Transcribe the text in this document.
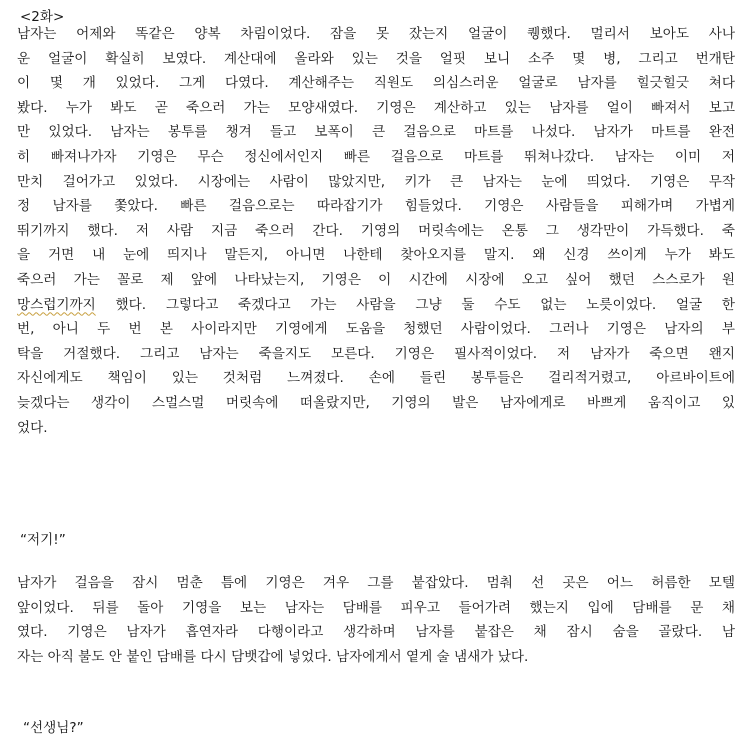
<2화>
남자는 어제와 똑같은 양복 차림이었다. 잠을 못 잤는지 얼굴이 퀭했다. 멀리서 보아도 사나
운 얼굴이 확실히 보였다. 계산대에 올라와 있는 것을 얼핏 보니 소주 몇 병, 그리고 번개탄
이 몇 개 있었다. 그게 다였다. 계산해주는 직원도 의심스러운 얼굴로 남자를 힐긋힐긋 쳐다
봤다. 누가 봐도 곧 죽으러 가는 모양새였다. 기영은 계산하고 있는 남자를 얼이 빠져서 보고
만 있었다. 남자는 봉투를 챙겨 들고 보폭이 큰 걸음으로 마트를 나섰다. 남자가 마트를 완전
히 빠져나가자 기영은 무슨 정신에서인지 빠른 걸음으로 마트를 뛰쳐나갔다. 남자는 이미 저
만치 걸어가고 있었다. 시장에는 사람이 많았지만, 키가 큰 남자는 눈에 띄었다. 기영은 무작
정 남자를 쫓았다. 빠른 걸음으로는 따라잡기가 힘들었다. 기영은 사람들을 피해가며 가볍게
뛰기까지 했다. 저 사람 지금 죽으러 간다. 기영의 머릿속에는 온통 그 생각만이 가득했다. 죽
을 거면 내 눈에 띄지나 말든지, 아니면 나한테 찾아오지를 말지. 왜 신경 쓰이게 누가 봐도
죽으러 가는 꼴로 제 앞에 나타났는지, 기영은 이 시간에 시장에 오고 싶어 했던 스스로가 원
망스럽기까지 했다. 그렇다고 죽겠다고 가는 사람을 그냥 둘 수도 없는 노릇이었다. 얼굴 한
번, 아니 두 번 본 사이라지만 기영에게 도움을 청했던 사람이었다. 그러나 기영은 남자의 부
탁을 거절했다. 그리고 남자는 죽을지도 모른다. 기영은 필사적이었다. 저 남자가 죽으면 왠지
자신에게도 책임이 있는 것처럼 느껴졌다. 손에 들린 봉투들은 걸리적거렸고, 아르바이트에
늦겠다는 생각이 스멀스멀 머릿속에 떠올랐지만, 기영의 발은 남자에게로 바쁘게 움직이고 있
었다.
“저기!”
남자가 걸음을 잠시 멈춘 틈에 기영은 겨우 그를 붙잡았다. 멈춰 선 곳은 어느 허름한 모텔
앞이었다. 뒤를 돌아 기영을 보는 남자는 담배를 피우고 들어가려 했는지 입에 담배를 문 채
였다. 기영은 남자가 흡연자라 다행이라고 생각하며 남자를 붙잡은 채 잠시 숨을 골랐다. 남
자는 아직 불도 안 붙인 담배를 다시 담뱃갑에 넣었다. 남자에게서 옅게 술 냄새가 났다.
“선생님?”
